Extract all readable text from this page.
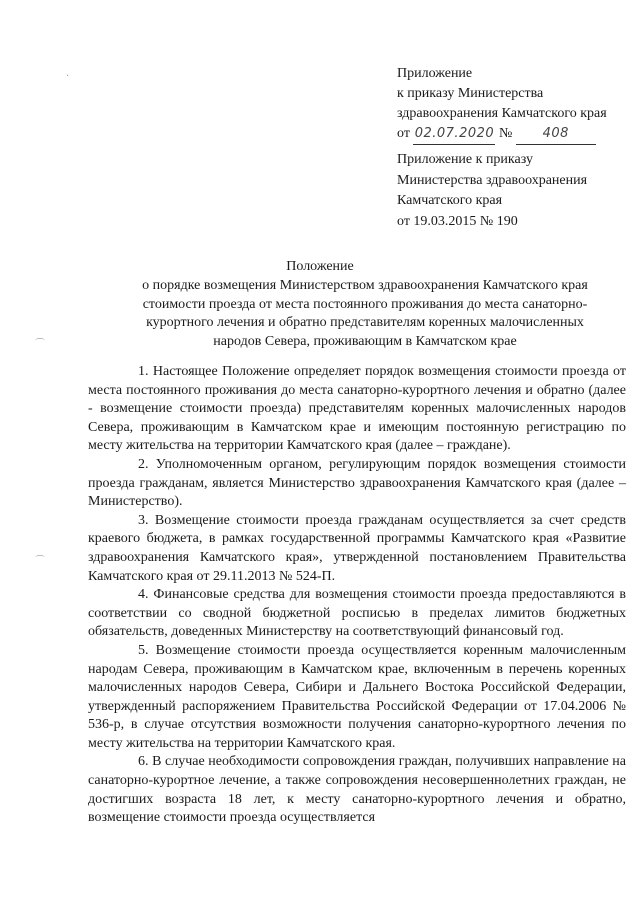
·
⌒
⌒
Приложение
к приказу Министерства
здравоохранения Камчатского края
от 02.07.2020 № 408
Приложение к приказу
Министерства здравоохранения
Камчатского края
от 19.03.2015 № 190
Положение
о порядке возмещения Министерством здравоохранения Камчатского края стоимости проезда от места постоянного проживания до места санаторно-курортного лечения и обратно представителям коренных малочисленных народов Севера, проживающим в Камчатском крае

1. Настоящее Положение определяет порядок возмещения стоимости проезда от места постоянного проживания до места санаторно-курортного лечения и обратно (далее - возмещение стоимости проезда) представителям коренных малочисленных народов Севера, проживающим в Камчатском крае и имеющим постоянную регистрацию по месту жительства на территории Камчатского края (далее – граждане).

2. Уполномоченным органом, регулирующим порядок возмещения стоимости проезда гражданам, является Министерство здравоохранения Камчатского края (далее – Министерство).

3. Возмещение стоимости проезда гражданам осуществляется за счет средств краевого бюджета, в рамках государственной программы Камчатского края «Развитие здравоохранения Камчатского края», утвержденной постановлением Правительства Камчатского края от 29.11.2013 № 524-П.

4. Финансовые средства для возмещения стоимости проезда предоставляются в соответствии со сводной бюджетной росписью в пределах лимитов бюджетных обязательств, доведенных Министерству на соответствующий финансовый год.

5. Возмещение стоимости проезда осуществляется коренным малочисленным народам Севера, проживающим в Камчатском крае, включенным в перечень коренных малочисленных народов Севера, Сибири и Дальнего Востока Российской Федерации, утвержденный распоряжением Правительства Российской Федерации от 17.04.2006 № 536-р, в случае отсутствия возможности получения санаторно-курортного лечения по месту жительства на территории Камчатского края.

6. В случае необходимости сопровождения граждан, получивших направление на санаторно-курортное лечение, а также сопровождения несовершеннолетних граждан, не достигших возраста 18 лет, к месту санаторно-курортного лечения и обратно, возмещение стоимости проезда осуществляется
